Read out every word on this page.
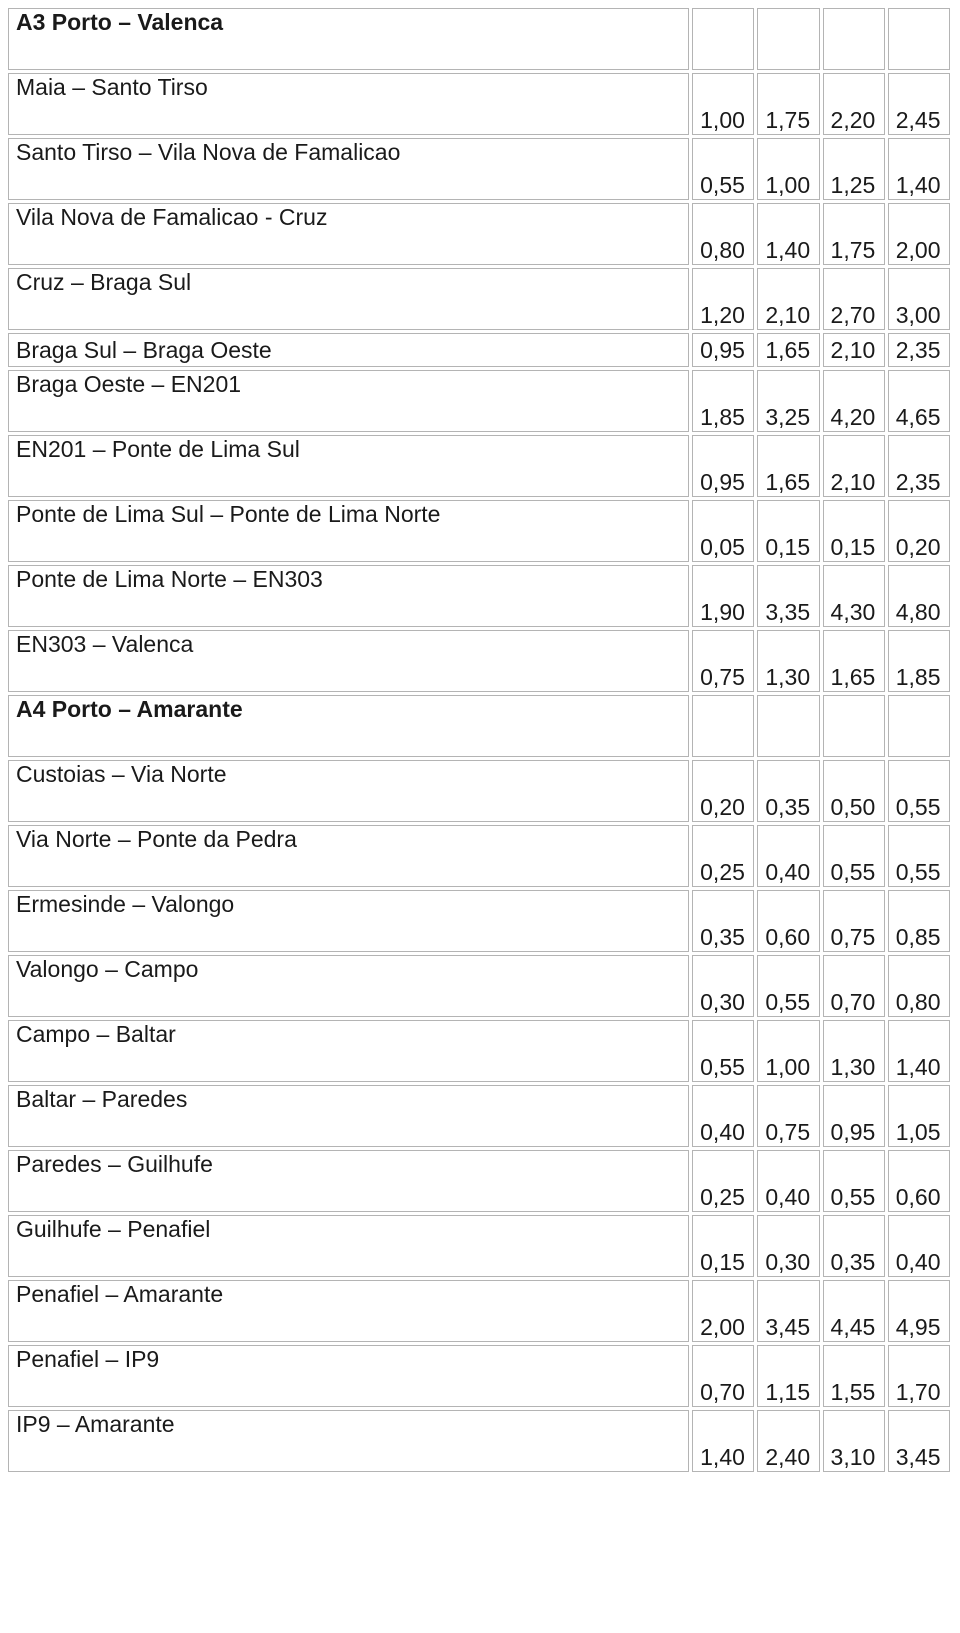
A3 Porto – Valenca				
Maia – Santo Tirso	1,00	1,75	2,20	2,45
Santo Tirso – Vila Nova de Famalicao	0,55	1,00	1,25	1,40
Vila Nova de Famalicao - Cruz	0,80	1,40	1,75	2,00
Cruz – Braga Sul	1,20	2,10	2,70	3,00
Braga Sul – Braga Oeste	0,95	1,65	2,10	2,35
Braga Oeste – EN201	1,85	3,25	4,20	4,65
EN201 – Ponte de Lima Sul	0,95	1,65	2,10	2,35
Ponte de Lima Sul – Ponte de Lima Norte	0,05	0,15	0,15	0,20
Ponte de Lima Norte – EN303	1,90	3,35	4,30	4,80
EN303 – Valenca	0,75	1,30	1,65	1,85
A4 Porto – Amarante				
Custoias – Via Norte	0,20	0,35	0,50	0,55
Via Norte – Ponte da Pedra	0,25	0,40	0,55	0,55
Ermesinde – Valongo	0,35	0,60	0,75	0,85
Valongo – Campo	0,30	0,55	0,70	0,80
Campo – Baltar	0,55	1,00	1,30	1,40
Baltar – Paredes	0,40	0,75	0,95	1,05
Paredes – Guilhufe	0,25	0,40	0,55	0,60
Guilhufe – Penafiel	0,15	0,30	0,35	0,40
Penafiel – Amarante	2,00	3,45	4,45	4,95
Penafiel – IP9	0,70	1,15	1,55	1,70
IP9 – Amarante	1,40	2,40	3,10	3,45
